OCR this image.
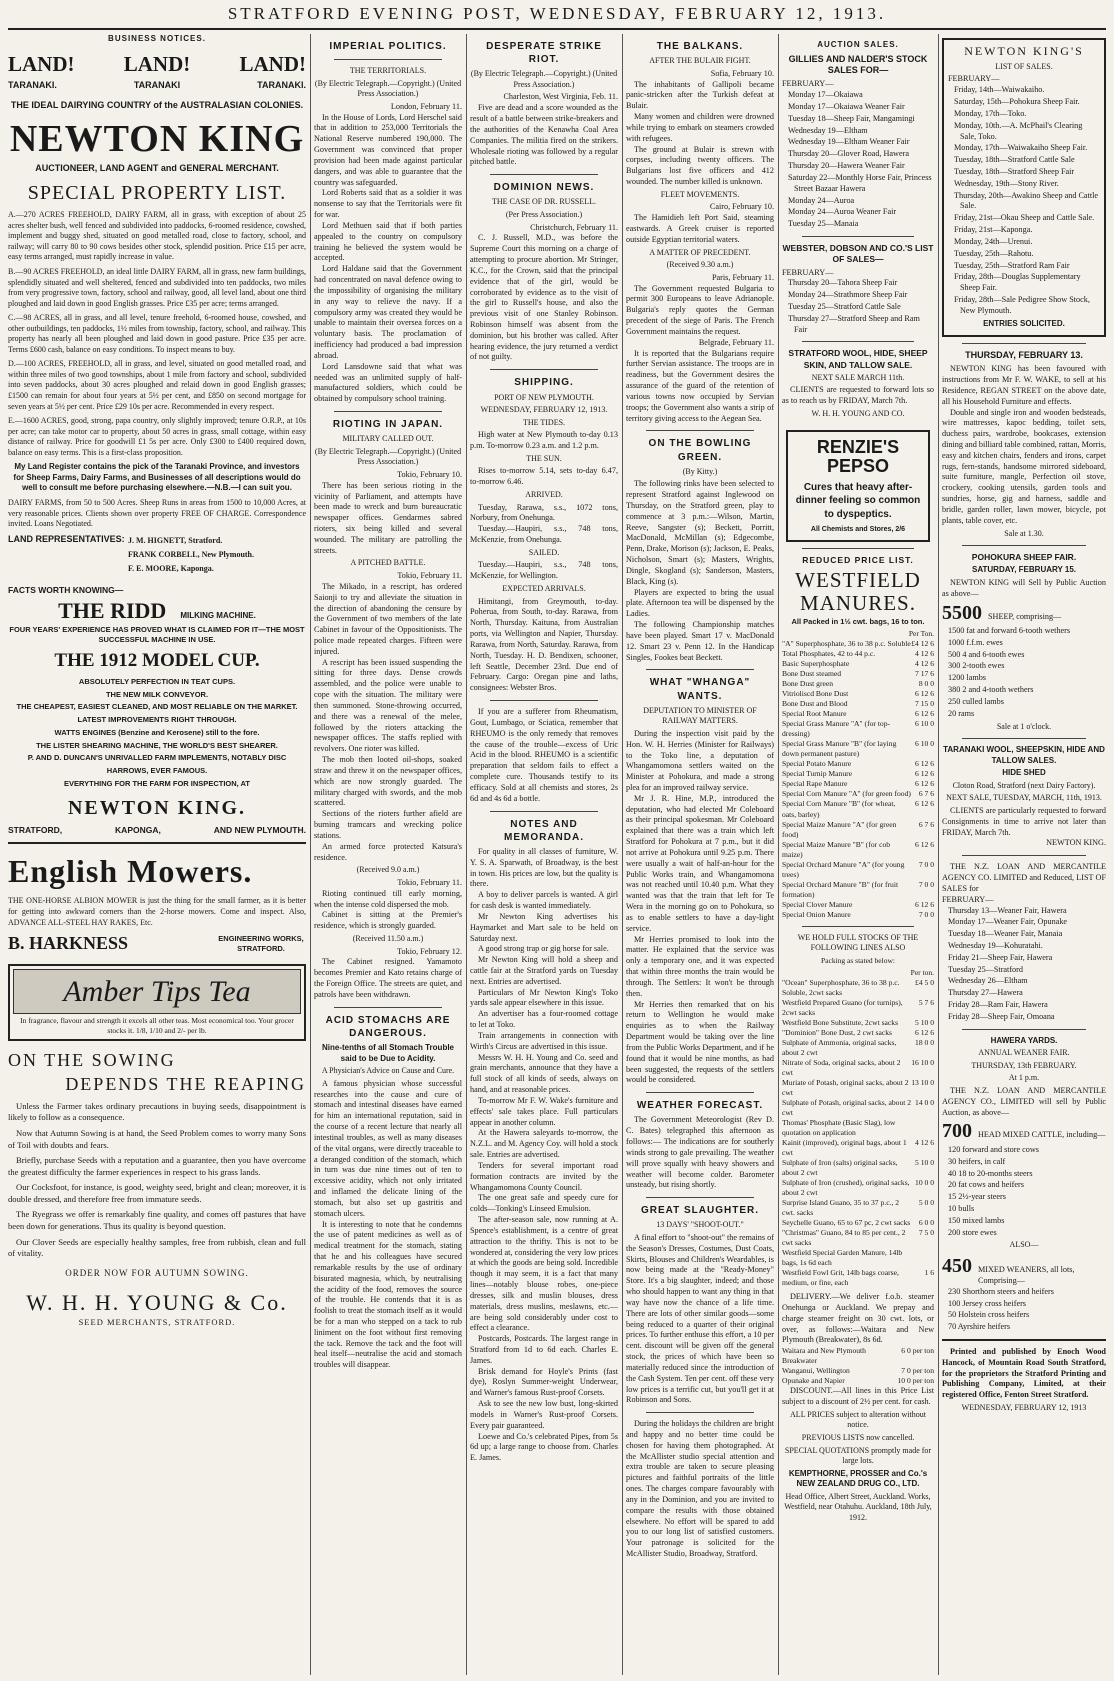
STRATFORD EVENING POST, WEDNESDAY, FEBRUARY 12, 1913.
BUSINESS NOTICES.
LAND! LAND! LAND!
TARANAKI.	TARANAKI	TARANAKI.
THE IDEAL DAIRYING COUNTRY of the AUSTRALASIAN COLONIES.
NEWTON KING
AUCTIONEER, LAND AGENT and GENERAL MERCHANT.
SPECIAL PROPERTY LIST.
A.—270 ACRES FREEHOLD, DAIRY FARM, all in grass, with exception of about 25 acres shelter bush, well fenced and subdivided into paddocks, 6-roomed residence, cowshed, implement and buggy shed, situated on good metalled road, close to factory, school, and railway; will carry 80 to 90 cows besides other stock, splendid position. Price £15 per acre, easy terms arranged, must rapidly increase in value.
B.—90 ACRES FREEHOLD, an ideal little DAIRY FARM, all in grass, new farm buildings, splendidly situated and well sheltered, fenced and subdivided into ten paddocks, two miles from very progressive town, factory, school and railway, good, all level land, about one third ploughed and laid down in good English grasses. Price £35 per acre; terms arranged.
C.—98 ACRES, all in grass, and all level, tenure freehold, 6-roomed house, cowshed, and other outbuildings, ten paddocks, 1½ miles from township, factory, school, and railway. This property has nearly all been ploughed and laid down in good pasture. Price £35 per acre. Terms £600 cash, balance on easy conditions. To inspect means to buy.
D.—100 ACRES, FREEHOLD, all in grass, and level, situated on good metalled road, and within three miles of two good townships, about 1 mile from factory and school, subdivided into seven paddocks, about 30 acres ploughed and relaid down in good English grasses; £1500 can remain for about four years at 5½ per cent, and £850 on second mortgage for seven years at 5½ per cent. Price £29 10s per acre. Recommended in every respect.
E.—1600 ACRES, good, strong, papa country, only slightly improved; tenure O.R.P., at 10s per acre; can take motor car to property, about 50 acres in grass, small cottage, within easy distance of railway. Price for goodwill £1 5s per acre. Only £300 to £400 required down, balance on easy terms. This is a first-class proposition.
My Land Register contains the pick of the Taranaki Province, and investors for Sheep Farms, Dairy Farms, and Businesses of all descriptions would do well to consult me before purchasing elsewhere.—N.B.—I can suit you.
DAIRY FARMS, from 50 to 500 Acres. Sheep Runs in areas from 1500 to 10,000 Acres, at very reasonable prices. Clients shown over property FREE OF CHARGE. Correspondence invited. Loans Negotiated.
LAND REPRESENTATIVES: J. M. HIGNETT, Stratford.
FRANK CORBELL, New Plymouth.
F. E. MOORE, Kaponga.
FACTS WORTH KNOWING—
THE RIDD MILKING MACHINE.
FOUR YEARS' EXPERIENCE HAS PROVED WHAT IS CLAIMED FOR IT—THE MOST SUCCESSFUL MACHINE IN USE.
THE 1912 MODEL CUP.
ABSOLUTELY PERFECTION IN TEAT CUPS.
THE NEW MILK CONVEYOR.
THE CHEAPEST, EASIEST CLEANED, AND MOST RELIABLE ON THE MARKET.
LATEST IMPROVEMENTS RIGHT THROUGH.
WATTS ENGINES (Benzine and Kerosene) still to the fore.
THE LISTER SHEARING MACHINE, THE WORLD'S BEST SHEARER.
P. AND D. DUNCAN'S UNRIVALLED FARM IMPLEMENTS, NOTABLY DISC HARROWS, EVER FAMOUS.
EVERYTHING FOR THE FARM FOR INSPECTION, AT
NEWTON KING.
STRATFORD,	KAPONGA,	AND NEW PLYMOUTH.
English Mowers.
THE ONE-HORSE ALBION MOWER is just the thing for the small farmer, as it is better for getting into awkward corners than the 2-horse mowers. Come and inspect. Also, ADVANCE ALL-STEEL HAY RAKES, Etc.
B. HARKNESS	ENGINEERING WORKS, STRATFORD.
Amber Tips Tea
In fragrance, flavour and strength it excels all other teas. Most economical too. Your grocer stocks it. 1/8, 1/10 and 2/- per lb.
ON THE SOWING
DEPENDS THE REAPING

Unless the Farmer takes ordinary precautions in buying seeds, disappointment is likely to follow as a consequence.

Now that Autumn Sowing is at hand, the Seed Problem comes to worry many Sons of Toil with doubts and fears.

Briefly, purchase Seeds with a reputation and a guarantee, then you have overcome the greatest difficulty the farmer experiences in respect to his grass lands.

Our Cocksfoot, for instance, is good, weighty seed, bright and clean; moreover, it is double dressed, and therefore free from immature seeds.

The Ryegrass we offer is remarkably fine quality, and comes off pastures that have been down for generations. Thus its quality is beyond question.

Our Clover Seeds are especially healthy samples, free from rubbish, clean and full of vitality.

ORDER NOW FOR AUTUMN SOWING.
W. H. H. YOUNG & Co.
SEED MERCHANTS, STRATFORD.
IMPERIAL POLITICS.
THE TERRITORIALS.
(By Electric Telegraph.—Copyright.) (United Press Association.)

London, February 11.

In the House of Lords, Lord Herschel said that in addition to 253,000 Territorials the National Reserve numbered 190,000. The Government was convinced that proper provision had been made against particular dangers, and was able to guarantee that the country was safeguarded.

Lord Roberts said that as a soldier it was nonsense to say that the Territorials were fit for war.

Lord Methuen said that if both parties appealed to the country on compulsory training he believed the system would be accepted.

Lord Haldane said that the Government had concentrated on naval defence owing to the impossibility of organising the military in any way to relieve the navy. If a compulsory army was created they would be unable to maintain their oversea forces on a voluntary basis. The proclamation of inefficiency had produced a bad impression abroad.

Lord Lansdowne said that what was needed was an unlimited supply of half-manufactured soldiers, which could be obtained by compulsory school training.

RIOTING IN JAPAN.
MILITARY CALLED OUT.
(By Electric Telegraph.—Copyright.) (United Press Association.)

Tokio, February 10.

There has been serious rioting in the vicinity of Parliament, and attempts have been made to wreck and burn bureaucratic newspaper offices. Gendarmes sabred rioters, six being killed and several wounded. The military are patrolling the streets.

A PITCHED BATTLE.

Tokio, February 11.

The Mikado, in a rescript, has ordered Saionji to try and alleviate the situation in the direction of abandoning the censure by the Government of two members of the late Cabinet in favour of the Oppositionists. The police made repeated charges. Fifteen were injured.

A rescript has been issued suspending the sitting for three days. Dense crowds assembled, and the police were unable to cope with the situation. The military were then summoned. Stone-throwing occurred, and there was a renewal of the melee, followed by the rioters attacking the newspaper offices. The staffs replied with revolvers. One rioter was killed.

The mob then looted oil-shops, soaked straw and threw it on the newspaper offices, which are now strongly guarded. The military charged with swords, and the mob scattered.

Sections of the rioters further afield are burning tramcars and wrecking police stations.

An armed force protected Katsura's residence.

(Received 9.0 a.m.)

Tokio, February 11.

Rioting continued till early morning, when the intense cold dispersed the mob.

Cabinet is sitting at the Premier's residence, which is strongly guarded.

(Received 11.50 a.m.)

Tokio, February 12.

The Cabinet resigned. Yamamoto becomes Premier and Kato retains charge of the Foreign Office. The streets are quiet, and patrols have been withdrawn.

ACID STOMACHS ARE DANGEROUS.
Nine-tenths of all Stomach Trouble said to be Due to Acidity.
A Physician's Advice on Cause and Cure.

A famous physician whose successful researches into the cause and cure of stomach and intestinal diseases have earned for him an international reputation, said in the course of a recent lecture that nearly all intestinal troubles, as well as many diseases of the vital organs, were directly traceable to a deranged condition of the stomach, which in turn was due nine times out of ten to excessive acidity, which not only irritated and inflamed the delicate lining of the stomach, but also set up gastritis and stomach ulcers.

It is interesting to note that he condemns the use of patent medicines as well as of medical treatment for the stomach, stating that he and his colleagues have secured remarkable results by the use of ordinary bisurated magnesia, which, by neutralising the acidity of the food, removes the source of the trouble. He contends that it is as foolish to treat the stomach itself as it would be for a man who stepped on a tack to rub liniment on the foot without first removing the tack. Remove the tack and the foot will heal itself—neutralise the acid and stomach troubles will disappear.

DESPERATE STRIKE RIOT.
(By Electric Telegraph.—Copyright.) (United Press Association.)

Charleston, West Virginia, Feb. 11.

Five are dead and a score wounded as the result of a battle between strike-breakers and the authorities of the Kenawha Coal Area Companies. The militia fired on the strikers. Wholesale rioting was followed by a regular pitched battle.

DOMINION NEWS.
THE CASE OF DR. RUSSELL.
(Per Press Association.)

Christchurch, February 11.

C. J. Russell, M.D., was before the Supreme Court this morning on a charge of attempting to procure abortion. Mr Stringer, K.C., for the Crown, said that the principal evidence that of the girl, would be corroborated by evidence as to the visit of the girl to Russell's house, and also the previous visit of one Stanley Robinson. Robinson himself was absent from the dominion, but his brother was called. After hearing evidence, the jury returned a verdict of not guilty.

SHIPPING.
PORT OF NEW PLYMOUTH.
WEDNESDAY, FEBRUARY 12, 1913.
THE TIDES.

High water at New Plymouth to-day 0.13 p.m. To-morrow 0.23 a.m. and 1.2 p.m.

THE SUN.

Rises to-morrow 5.14, sets to-day 6.47, to-morrow 6.46.

ARRIVED.

Tuesday, Rarawa, s.s., 1072 tons, Norbury, from Onehunga.

Tuesday.—Haupiri, s.s., 748 tons, McKenzie, from Onehunga.

SAILED.

Tuesday.—Haupiri, s.s., 748 tons, McKenzie, for Wellington.

EXPECTED ARRIVALS.

Himitangi, from Greymouth, to-day. Poherua, from South, to-day. Rarawa, from North, Thursday. Kaituna, from Australian ports, via Wellington and Napier, Thursday. Rarawa, from North, Saturday. Rarawa, from North, Tuesday. H. D. Bendixen, schooner, left Seattle, December 23rd. Due end of February. Cargo: Oregan pine and laths, consignees: Webster Bros.

If you are a sufferer from Rheumatism, Gout, Lumbago, or Sciatica, remember that RHEUMO is the only remedy that removes the cause of the trouble—excess of Uric Acid in the blood. RHEUMO is a scientific preparation that seldom fails to effect a complete cure. Thousands testify to its efficacy. Sold at all chemists and stores, 2s 6d and 4s 6d a bottle.

NOTES AND MEMORANDA.

For quality in all classes of furniture, W. Y. S. A. Sparwath, of Broadway, is the best in town. His prices are low, but the quality is there.

A boy to deliver parcels is wanted. A girl for cash desk is wanted immediately.

Mr Newton King advertises his Haymarket and Mart sale to be held on Saturday next.

A good strong trap or gig horse for sale.

Mr Newton King will hold a sheep and cattle fair at the Stratford yards on Tuesday next. Entries are advertised.

Particulars of Mr Newton King's Toko yards sale appear elsewhere in this issue.

An advertiser has a four-roomed cottage to let at Toko.

Train arrangements in connection with Wirth's Circus are advertised in this issue.

Messrs W. H. H. Young and Co. seed and grain merchants, announce that they have a full stock of all kinds of seeds, always on hand, and at reasonable prices.

To-morrow Mr F. W. Wake's furniture and effects' sale takes place. Full particulars appear in another column.

At the Hawera saleyards to-morrow, the N.Z.L. and M. Agency Coy. will hold a stock sale. Entries are advertised.

Tenders for several important road formation contracts are invited by the Whangamomona County Council.

The one great safe and speedy cure for colds—Tonking's Linseed Emulsion.

The after-season sale, now running at A. Spence's establishment, is a centre of great attraction to the thrifty. This is not to be wondered at, considering the very low prices at which the goods are being sold. Incredible though it may seem, it is a fact that many lines—notably blouse robes, one-piece dresses, silk and muslin blouses, dress materials, dress muslins, meslawns, etc.—are being sold considerably under cost to effect a clearance.

Postcards, Postcards. The largest range in Stratford from 1d to 6d each. Charles E. James.

Brisk demand for Hoyle's Prints (fast dye), Roslyn Summer-weight Underwear, and Warner's famous Rust-proof Corsets.

Ask to see the new low bust, long-skirted models in Warner's Rust-proof Corsets. Every pair guaranteed.

Loewe and Co.'s celebrated Pipes, from 5s 6d up; a large range to choose from. Charles E. James.

THE BALKANS.
AFTER THE BULAIR FIGHT.

Sofia, February 10.

The inhabitants of Gallipoli became panic-stricken after the Turkish defeat at Bulair.

Many women and children were drowned while trying to embark on steamers crowded with refugees.

The ground at Bulair is strewn with corpses, including twenty officers. The Bulgarians lost five officers and 412 wounded. The number killed is unknown.

FLEET MOVEMENTS.

Cairo, February 10.

The Hamidieh left Port Said, steaming eastwards. A Greek cruiser is reported outside Egyptian territorial waters.

A MATTER OF PRECEDENT.
(Received 9.30 a.m.)

Paris, February 11.

The Government requested Bulgaria to permit 300 Europeans to leave Adrianople. Bulgaria's reply quotes the German precedent of the siege of Paris. The French Government maintains the request.

Belgrade, February 11.

It is reported that the Bulgarians require further Servian assistance. The troops are in readiness, but the Government desires the assurance of the guard of the retention of various towns now occupied by Servian troops; the Government also wants a strip of territory giving access to the Aegean Sea.

ON THE BOWLING GREEN.
(By Kitty.)

The following rinks have been selected to represent Stratford against Inglewood on Thursday, on the Stratford green, play to commence at 3 p.m.:—Wilson, Martin, Reeve, Sangster (s); Beckett, Porritt, MacDonald, McMillan (s); Edgecombe, Penn, Drake, Morison (s); Jackson, E. Peaks, Nicholson, Smart (s); Masters, Wrights, Dingle, Skogland (s); Sanderson, Masters, Black, King (s).

Players are expected to bring the usual plate. Afternoon tea will be dispensed by the Ladies.

The following Championship matches have been played. Smart 17 v. MacDonald 12. Smart 23 v. Penn 12. In the Handicap Singles, Fookes beat Beckett.

WHAT "WHANGA" WANTS.
DEPUTATION TO MINISTER OF RAILWAY MATTERS.

During the inspection visit paid by the Hon. W. H. Herries (Minister for Railways) to the Toko line, a deputation of Whangamomona settlers waited on the Minister at Pohokura, and made a strong plea for an improved railway service.

Mr J. R. Hine, M.P., introduced the deputation, who had elected Mr Coleboard as their principal spokesman. Mr Coleboard explained that there was a train which left Stratford for Pohokura at 7 p.m., but it did not arrive at Pohokura until 9.25 p.m. There were usually a wait of half-an-hour for the Public Works train, and Whangamomona was not reached until 10.40 p.m. What they wanted was that the train that left for Te Wera in the morning go on to Pohokura, so as to enable settlers to have a day-light service.

Mr Herries promised to look into the matter. He explained that the service was only a temporary one, and it was expected that within three months the train would be through. The Settlers: It won't be through then.

Mr Herries then remarked that on his return to Wellington he would make enquiries as to when the Railway Department would be taking over the line from the Public Works Department, and if he found that it would be nine months, as had been suggested, the requests of the settlers would be considered.

WEATHER FORECAST.

The Government Meteorologist (Rev D. C. Bates) telegraphed this afternoon as follows:— The indications are for southerly winds strong to gale prevailing. The weather will prove squally with heavy showers and weather will become colder. Barometer unsteady, but rising shortly.

GREAT SLAUGHTER.
13 DAYS' "SHOOT-OUT."

A final effort to "shoot-out" the remains of the Season's Dresses, Costumes, Dust Coats, Skirts, Blouses and Children's Weardables, is now being made at the "Ready-Money" Store. It's a big slaughter, indeed; and those who should happen to want any thing in that way have now the chance of a life time. There are lots of other similar goods—some being reduced to a quarter of their original prices. To further enthuse this effort, a 10 per cent. discount will be given off the general stock, the prices of which have been so materially reduced since the introduction of the Cash System. Ten per cent. off these very low prices is a terrific cut, but you'll get it at Robinson and Sons.

During the holidays the children are bright and happy and no better time could be chosen for having them photographed. At the McAllister studio special attention and extra trouble are taken to secure pleasing pictures and faithful portraits of the little ones. The charges compare favourably with any in the Dominion, and you are invited to compare the results with those obtained elsewhere. No effort will be spared to add you to our long list of satisfied customers. Your patronage is solicited for the McAllister Studio, Broadway, Stratford.

AUCTION SALES.
GILLIES AND NALDER'S STOCK SALES FOR—
FEBRUARY—
Monday 17—Okaiawa
Monday 17—Okaiawa Weaner Fair
Tuesday 18—Sheep Fair, Mangamingi
Wednesday 19—Eltham
Wednesday 19—Eltham Weaner Fair
Thursday 20—Glover Road, Hawera
Thursday 20—Hawera Weaner Fair
Saturday 22—Monthly Horse Fair, Princess Street Bazaar Hawera
Monday 24—Auroa
Monday 24—Auroa Weaner Fair
Tuesday 25—Manaia
WEBSTER, DOBSON AND CO.'S LIST OF SALES—
FEBRUARY—
Thursday 20—Tahora Sheep Fair
Monday 24—Strathmore Sheep Fair
Tuesday 25—Stratford Cattle Sale
Thursday 27—Stratford Sheep and Ram Fair
STRATFORD WOOL, HIDE, SHEEP SKIN, AND TALLOW SALE.
NEXT SALE MARCH 11th.

CLIENTS are requested to forward lots so as to reach us by FRIDAY, March 7th.

W. H. H. YOUNG AND CO.
RENZIE'S PEPSO
Cures that heavy after-dinner feeling so common to dyspeptics.
All Chemists and Stores, 2/6
REDUCED PRICE LIST.
WESTFIELD MANURES.
All Packed in 1½ cwt. bags, 16 to ton.
Per Ton.
"A" Superphosphate, 36 to 38 p.c. Soluble	£4 12 6
Total Phosphates, 42 to 44 p.c.	4 12 6
Basic Superphosphate	4 12 6
Bone Dust steamed	7 17 6
Bone Dust green	8 0 0
Vitrioliscd Bone Dust	6 12 6
Bone Dust and Blood	7 15 0
Special Root Manure	6 12 6
Special Grass Manure "A" (for top-dressing)	6 10 0
Special Grass Manure "B" (for laying down permanent pasture)	6 10 0
Special Potato Manure	6 12 6
Special Turnip Manure	6 12 6
Special Rape Manure	6 12 6
Special Corn Manure "A" (for green food)	6 7 6
Special Corn Manure "B" (for wheat, oats, barley)	6 12 6
Special Maize Manure "A" (for green food)	6 7 6
Special Maize Manure "B" (for cob maize)	6 12 6
Special Orchard Manure "A" (for young trees)	7 0 0
Special Orchard Manure "B" (for fruit formation)	7 0 0
Special Clover Manure	6 12 6
Special Onion Manure	7 0 0
WE HOLD FULL STOCKS OF THE FOLLOWING LINES ALSO
Packing as stated below:
Per ton.
"Ocean" Superphosphate, 36 to 38 p.c. Soluble, 2cwt sacks	£4 5 0
Westfield Prepared Guano (for turnips), 2cwt sacks	5 7 6
Westfield Bone Substitute, 2cwt sacks	5 10 0
"Dominion" Bone Dust, 2 cwt sacks	6 12 6
Sulphate of Ammonia, original sacks, about 2 cwt	18 0 0
Nitrate of Soda, original sacks, about 2 cwt	16 10 0
Muriate of Potash, original sacks, about 2 cwt	13 10 0
Sulphate of Potash, original sacks, about 2 cwt	14 0 0
Thomas' Phosphate (Basic Slag), low quotation on application	
Kainit (improved), original bags, about 1 cwt	4 12 6
Sulphate of Iron (salts) original sacks, about 2 cwt	5 10 0
Sulphate of Iron (crushed), original sacks, about 2 cwt	10 0 0
Surprise Island Guano, 35 to 37 p.c., 2 cwt. sacks	5 0 0
Seychelle Guano, 65 to 67 pc, 2 cwt sacks	6 0 0
"Christmas" Guano, 84 to 85 per cent., 2 cwt sacks	7 5 0
Westfield Special Garden Manure, 14lb bags, 1s 6d each	
Westfield Fowl Grit, 14lb bags coarse, medium, or fine, each	1 6

DELIVERY.—We deliver f.o.b. steamer Onehunga or Auckland. We prepay and charge steamer freight on 30 cwt. lots, or over, as follows:—Waitara and New Plymouth (Breakwater), 8s 6d.

Waitara and New Plymouth Breakwater	6 0 per ton
Wanganui, Wellington	7 0 per ton
Opunake and Napier	10 0 per ton

DISCOUNT.—All lines in this Price List subject to a discount of 2½ per cent. for cash.

ALL PRICES subject to alteration without notice.
PREVIOUS LISTS now cancelled.
SPECIAL QUOTATIONS promptly made for large lots.
KEMPTHORNE, PROSSER and Co.'s NEW ZEALAND DRUG CO., LTD.
Head Office, Albert Street, Auckland. Works, Westfield, near Otahuhu. Auckland, 18th July, 1912.
NEWTON KING'S
LIST OF SALES.
FEBRUARY—
Friday, 14th—Waiwakaiho.
Saturday, 15th—Pohokura Sheep Fair.
Monday, 17th—Toko.
Monday, 10th.—A. McPhail's Clearing Sale, Toko.
Monday, 17th—Waiwakaiho Sheep Fair.
Tuesday, 18th—Stratford Cattle Sale
Tuesday, 18th—Stratford Sheep Fair
Wednesday, 19th—Stony River.
Thursday, 20th—Awakino Sheep and Cattle Sale.
Friday, 21st—Okau Sheep and Cattle Sale.
Friday, 21st—Kaponga.
Monday, 24th—Urenui.
Tuesday, 25th—Rahotu.
Tuesday, 25th—Stratford Ram Fair
Friday, 28th—Douglas Supplementary Sheep Fair.
Friday, 28th—Sale Pedigree Show Stock, New Plymouth.
ENTRIES SOLICITED.
THURSDAY, FEBRUARY 13.

NEWTON KING has been favoured with instructions from Mr F. W. WAKE, to sell at his Residence, REGAN STREET on the above date, all his Household Furniture and effects.

Double and single iron and wooden bedsteads, wire mattresses, kapoc bedding, toilet sets, duchess pairs, wardrobe, bookcases, extension dining and billiard table combined, rattan, Morris, easy and kitchen chairs, fenders and irons, carpet rugs, fern-stands, handsome mirrored sideboard, suite furniture, mangle, Perfection oil stove, crockery, cooking utensils, garden tools and sundries, horse, gig and harness, saddle and bridle, garden roller, lawn mower, bicycle, pot plants, table cover, etc.

Sale at 1.30.
POHOKURA SHEEP FAIR.
SATURDAY, FEBRUARY 15.

NEWTON KING will Sell by Public Auction as above—

5500 SHEEP, comprising—
1500 fat and forward 6-tooth wethers
1000 f.f.m. ewes
500 4 and 6-tooth ewes
300 2-tooth ewes
1200 lambs
380 2 and 4-tooth wethers
250 culled lambs
20 rams
Sale at 1 o'clock.
TARANAKI WOOL, SHEEPSKIN, HIDE AND TALLOW SALES.
HIDE SHED
Cloton Road, Stratford (next Dairy Factory).
NEXT SALE, TUESDAY, MARCH, 11th, 1913.

CLIENTS are particularly requested to forward Consignments in time to arrive not later than FRIDAY, March 7th.

NEWTON KING.

THE N.Z. LOAN AND MERCANTILE AGENCY CO. LIMITED and Reduced, LIST OF SALES for

FEBRUARY—
Thursday 13—Weaner Fair, Hawera
Monday 17—Weaner Fair, Opunake
Tuesday 18—Weaner Fair, Manaia
Wednesday 19—Kohuratahi.
Friday 21—Sheep Fair, Hawera
Tuesday 25—Stratford
Wednesday 26—Eltham
Thursday 27—Hawera
Friday 28—Ram Fair, Hawera
Friday 28—Sheep Fair, Omoana
HAWERA YARDS.
ANNUAL WEANER FAIR.
THURSDAY, 13th FEBRUARY.
At 1 p.m.

THE N.Z. LOAN AND MERCANTILE AGENCY CO., LIMITED will sell by Public Auction, as above—

700 HEAD MIXED CATTLE, including—
120 forward and store cows
30 heifers, in calf
40 18 to 20-months steers
20 fat cows and heifers
15 2½-year steers
10 bulls
150 mixed lambs
200 store ewes
ALSO—
450 MIXED WEANERS, all lots, Comprising—
230 Shorthorn steers and heifers
100 Jersey cross heifers
50 Holstein cross heifers
70 Ayrshire heifers

Printed and published by Enoch Wood Hancock, of Mountain Road South Stratford, for the proprietors the Stratford Printing and Publishing Company, Limited, at their registered Office, Fenton Street Stratford.

WEDNESDAY, FEBRUARY 12, 1913
